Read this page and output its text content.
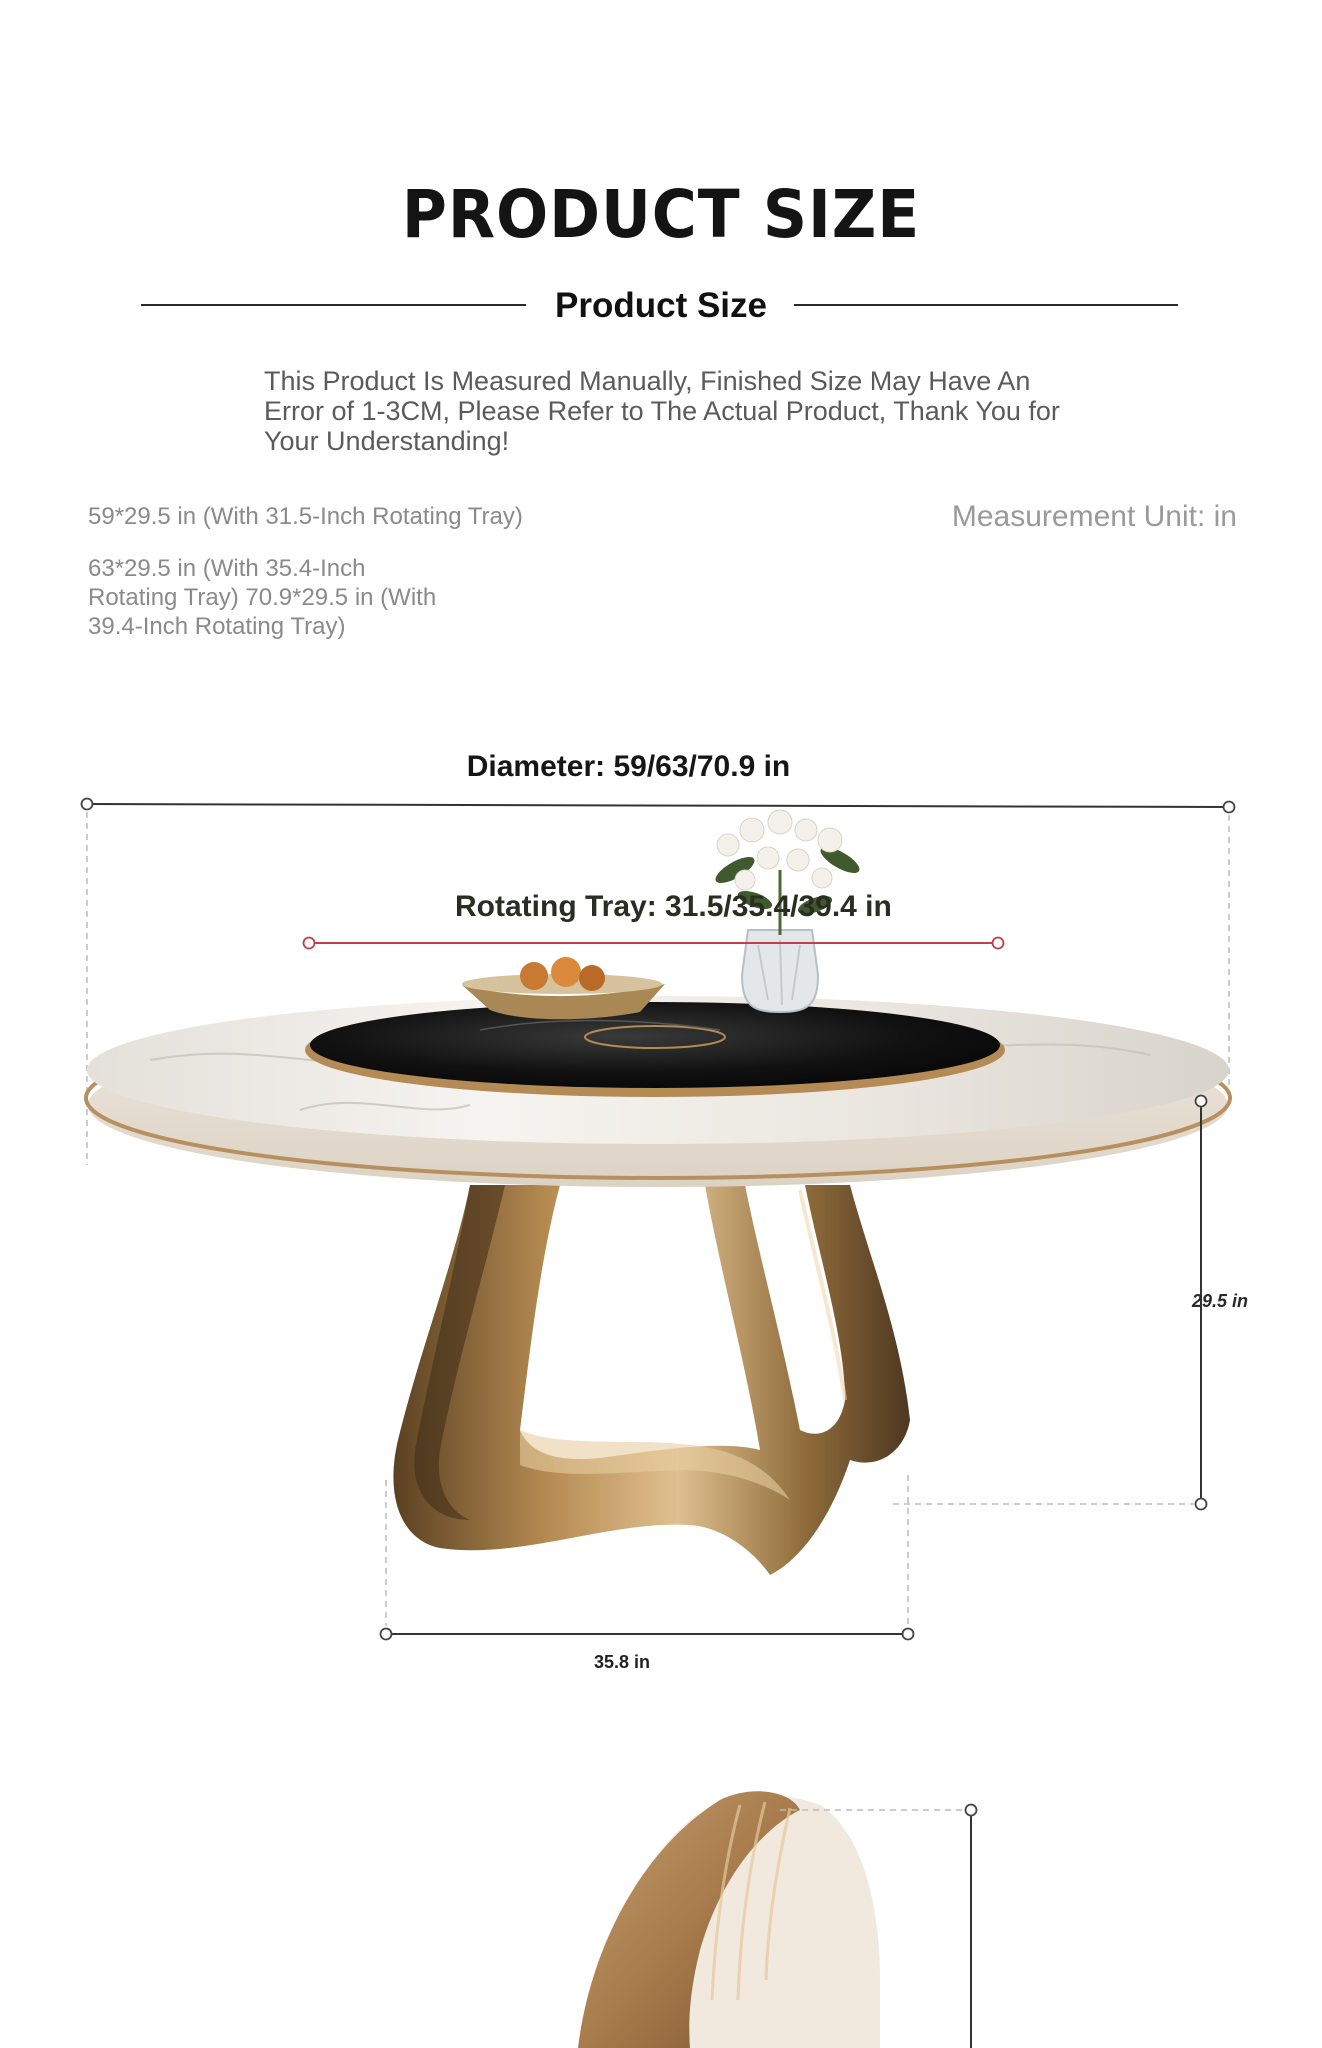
PRODUCT SIZE
Product Size
This Product Is Measured Manually, Finished Size May Have An Error of 1-3CM, Please Refer to The Actual Product, Thank You for Your Understanding!
59*29.5 in (With 31.5-Inch Rotating Tray)
63*29.5 in (With 35.4-Inch
Rotating Tray) 70.9*29.5 in (With
39.4-Inch Rotating Tray)
Measurement Unit: in
Diameter: 59/63/70.9 in
Rotating Tray: 31.5/35.4/39.4 in
29.5 in
35.8 in
